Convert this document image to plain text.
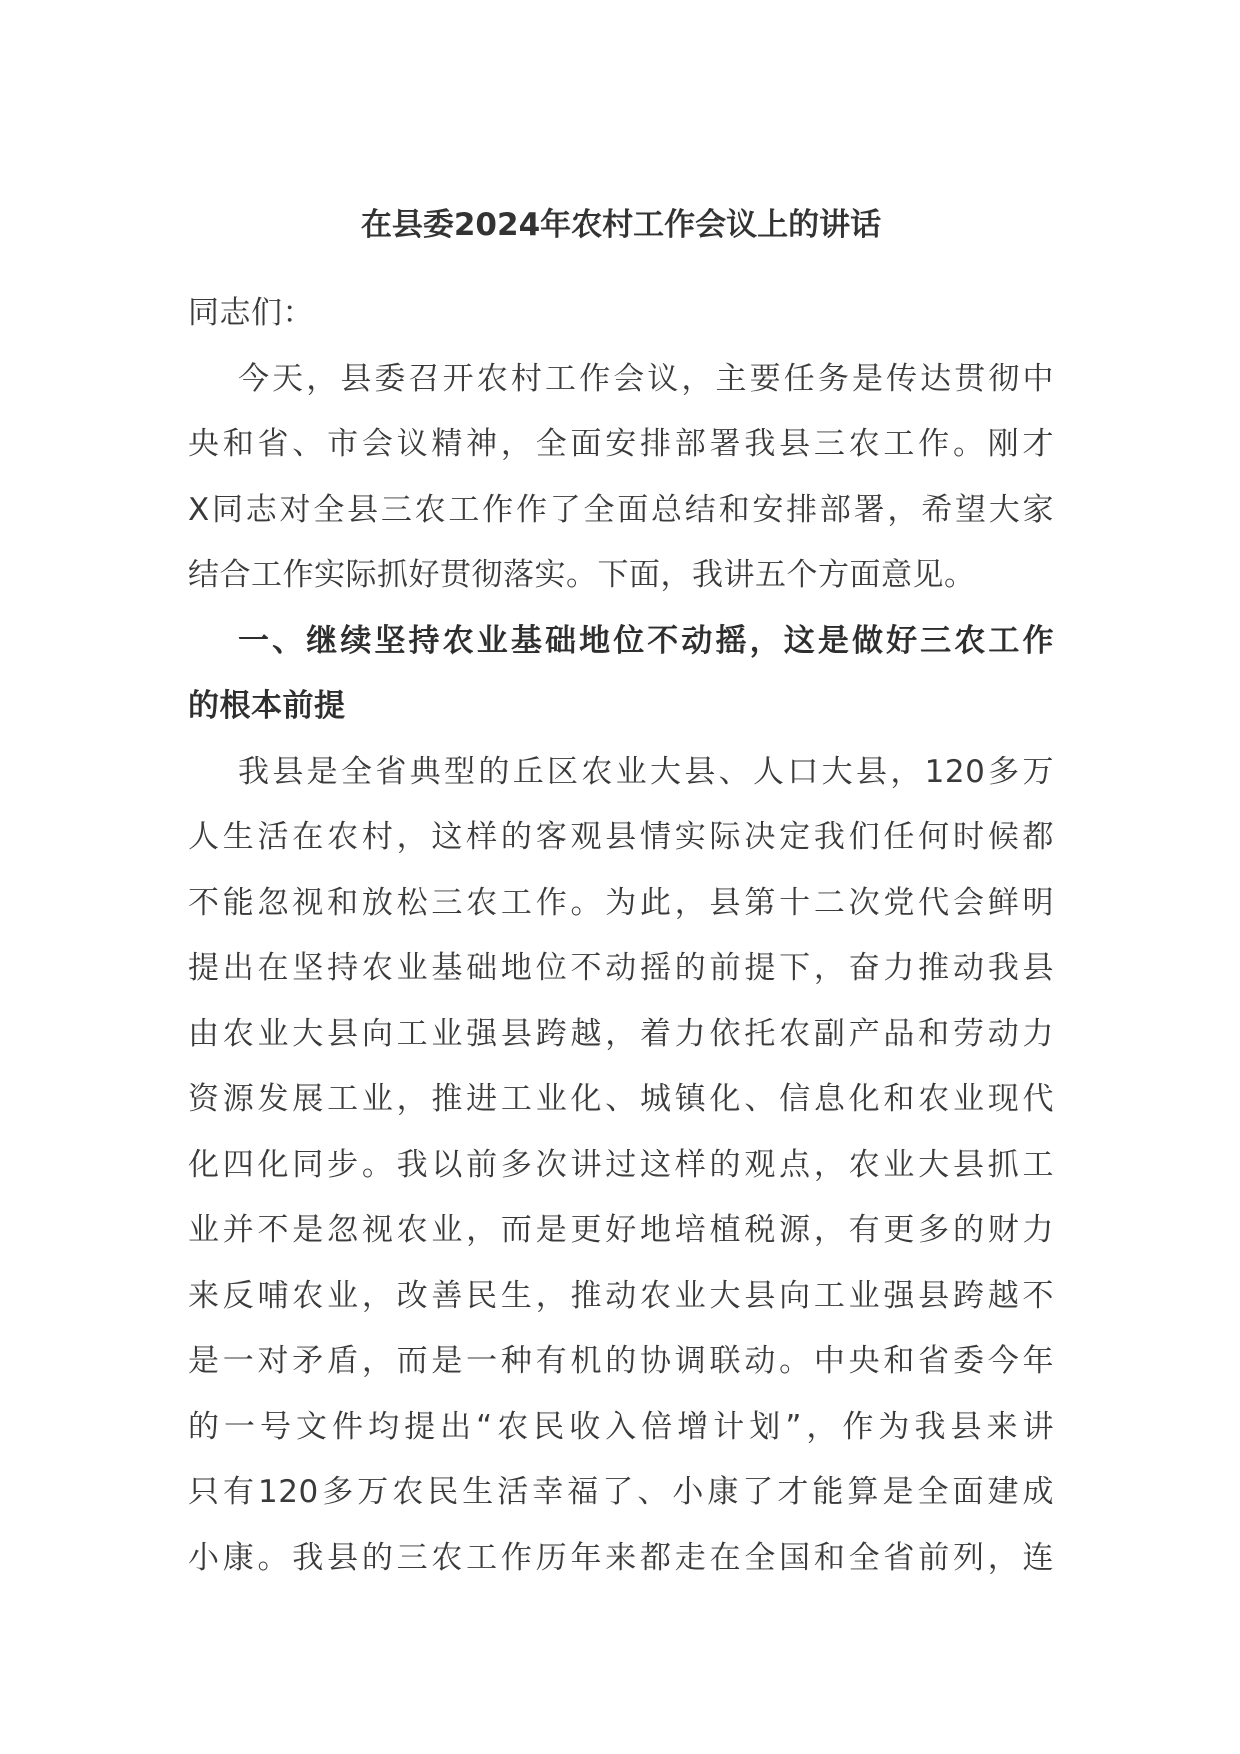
在县委2024年农村工作会议上的讲话
同志们：
今天，县委召开农村工作会议，主要任务是传达贯彻中
央和省、市会议精神，全面安排部署我县三农工作。刚才
X同志对全县三农工作作了全面总结和安排部署，希望大家
结合工作实际抓好贯彻落实。下面，我讲五个方面意见。
一、继续坚持农业基础地位不动摇，这是做好三农工作
的根本前提
我县是全省典型的丘区农业大县、人口大县，120多万
人生活在农村，这样的客观县情实际决定我们任何时候都
不能忽视和放松三农工作。为此，县第十二次党代会鲜明
提出在坚持农业基础地位不动摇的前提下，奋力推动我县
由农业大县向工业强县跨越，着力依托农副产品和劳动力
资源发展工业，推进工业化、城镇化、信息化和农业现代
化四化同步。我以前多次讲过这样的观点，农业大县抓工
业并不是忽视农业，而是更好地培植税源，有更多的财力
来反哺农业，改善民生，推动农业大县向工业强县跨越不
是一对矛盾，而是一种有机的协调联动。中央和省委今年
的一号文件均提出“农民收入倍增计划”，作为我县来讲
只有120多万农民生活幸福了、小康了才能算是全面建成
小康。我县的三农工作历年来都走在全国和全省前列，连
